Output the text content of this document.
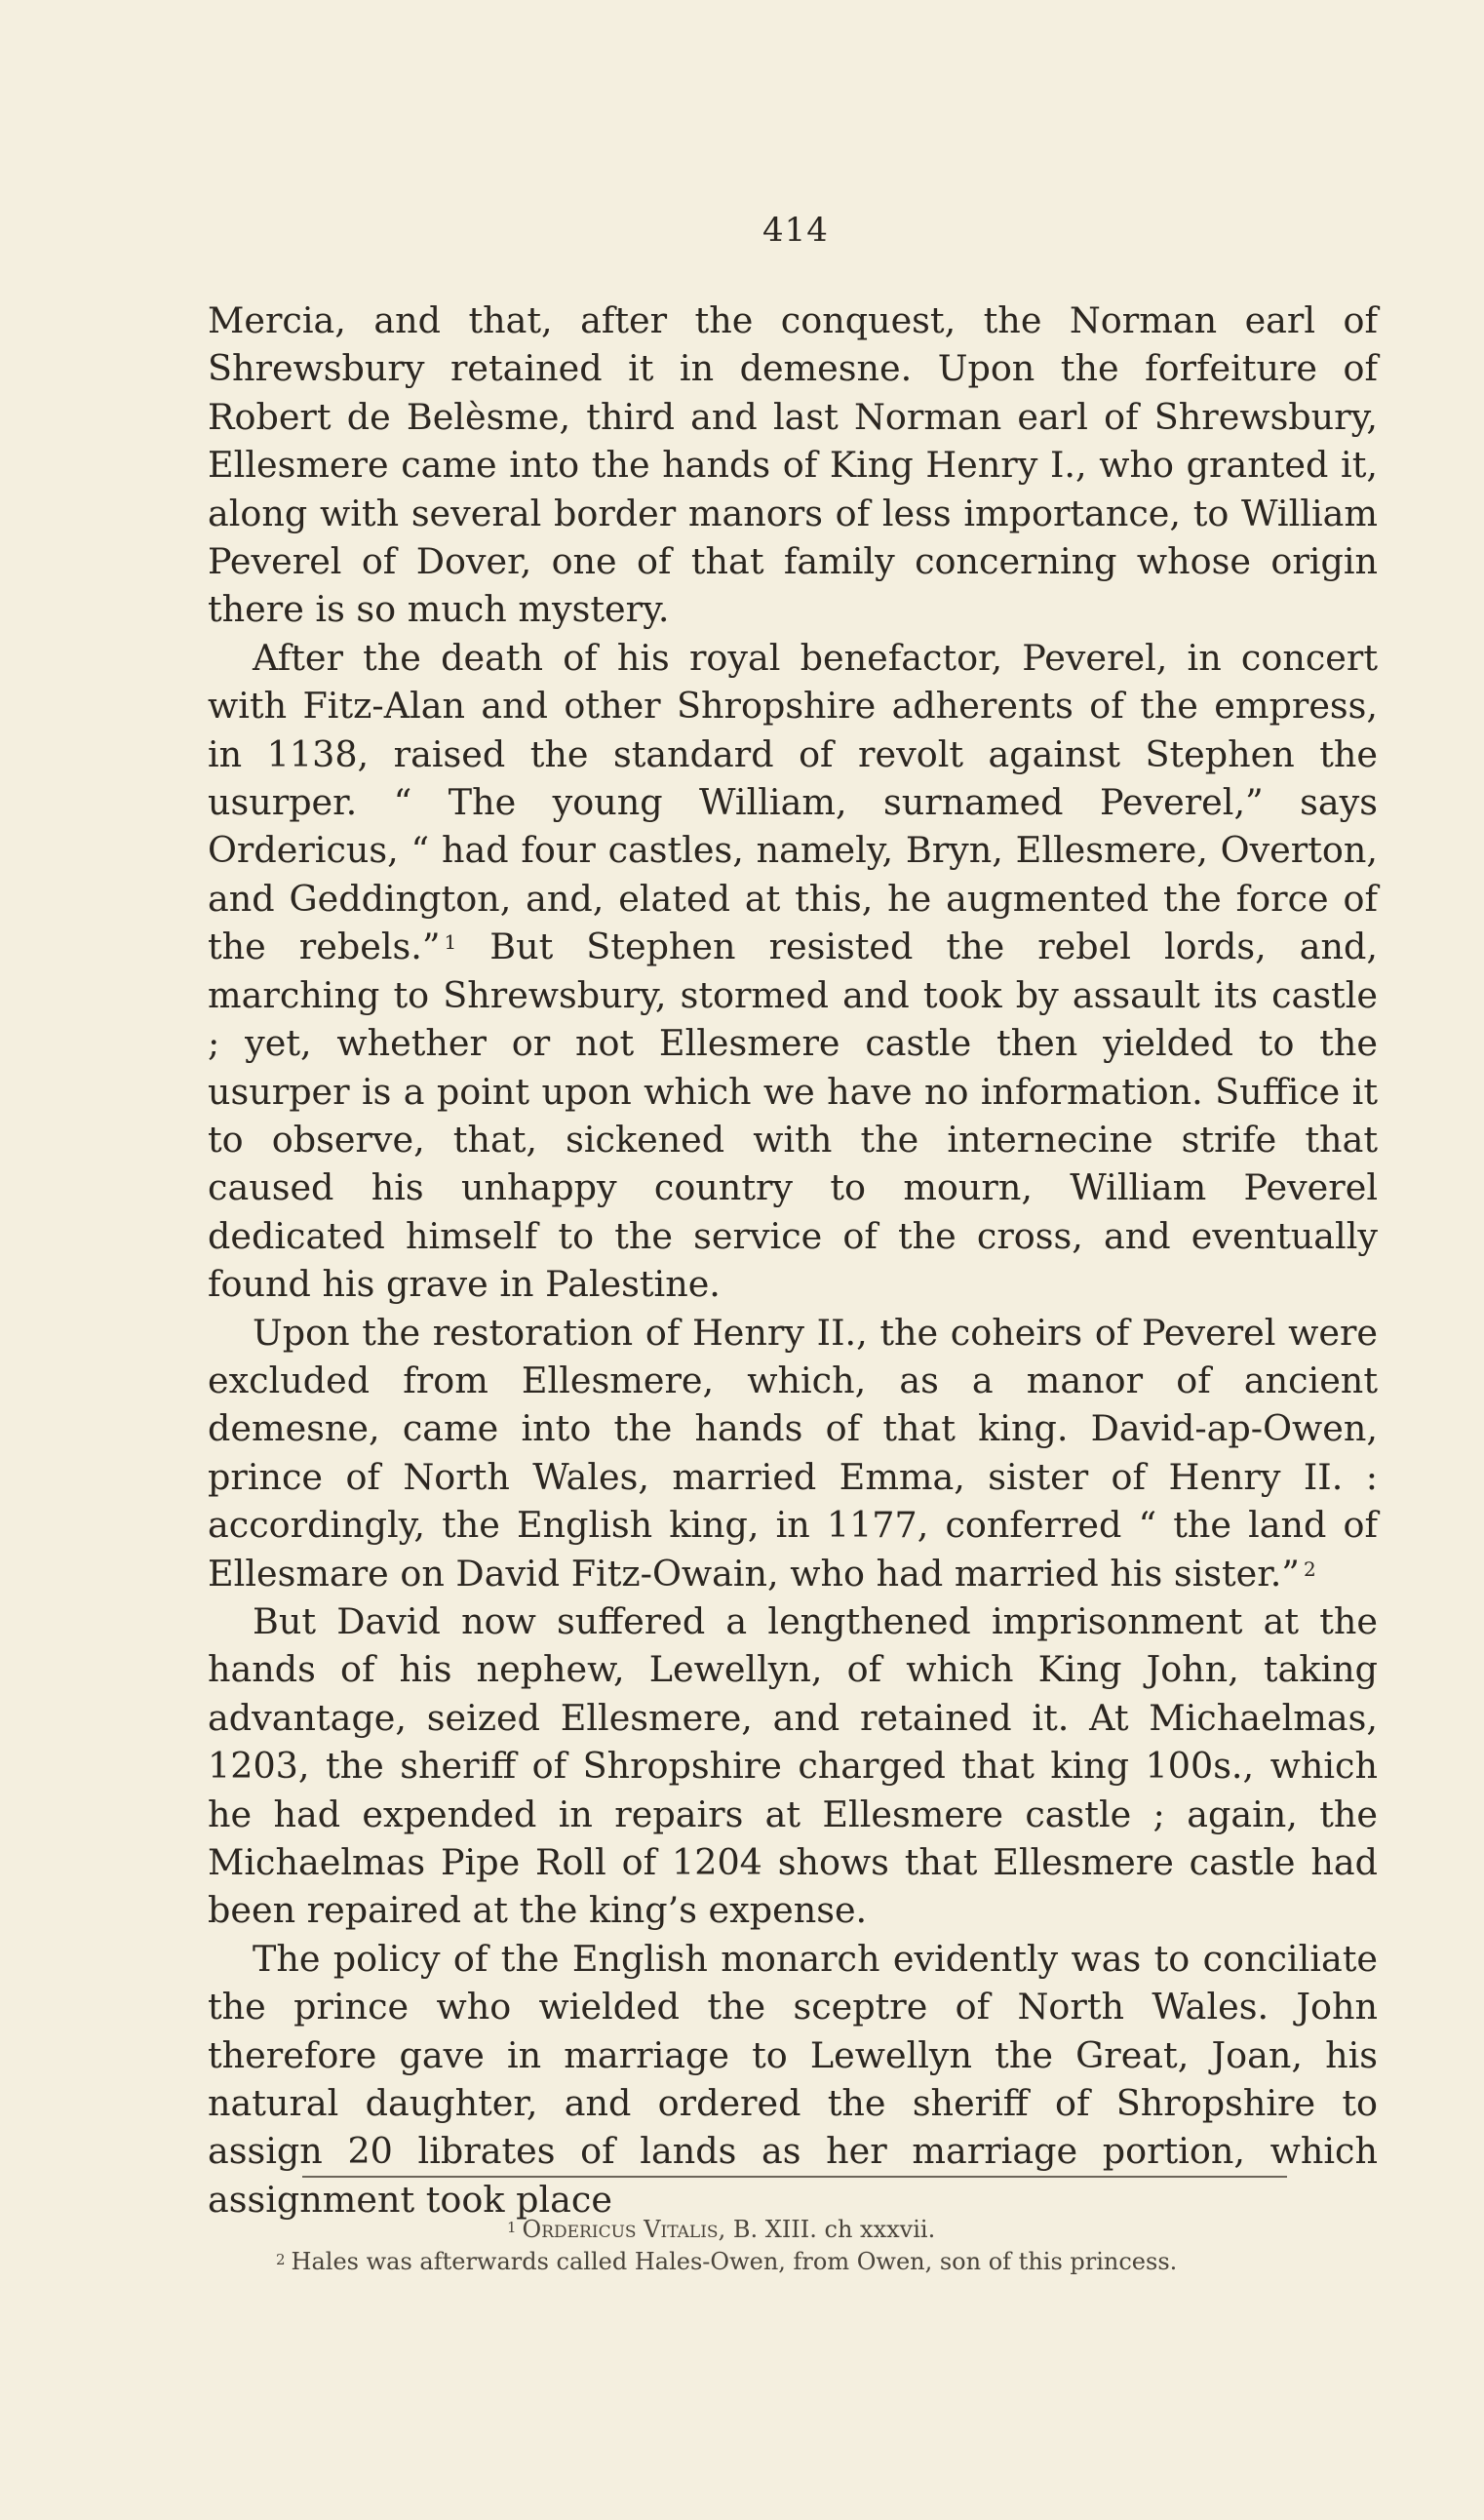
414

Mercia, and that, after the conquest, the Norman earl of Shrewsbury retained it in demesne. Upon the forfeiture of Robert de Belèsme, third and last Norman earl of Shrewsbury, Ellesmere came into the hands of King Henry I., who granted it, along with several border manors of less importance, to William Peverel of Dover, one of that family concerning whose origin there is so much mystery.

After the death of his royal benefactor, Peverel, in concert with Fitz-Alan and other Shropshire adherents of the empress, in 1138, raised the standard of revolt against Stephen the usurper. “ The young William, surnamed Peverel,” says Ordericus, “ had four castles, namely, Bryn, Ellesmere, Overton, and Geddington, and, elated at this, he augmented the force of the rebels.” $^1$ But Stephen resisted the rebel lords, and, marching to Shrewsbury, stormed and took by assault its castle ; yet, whether or not Ellesmere castle then yielded to the usurper is a point upon which we have no information. Suffice it to observe, that, sickened with the internecine strife that caused his unhappy country to mourn, William Peverel dedicated himself to the service of the cross, and eventually found his grave in Palestine.

Upon the restoration of Henry II., the coheirs of Peverel were excluded from Ellesmere, which, as a manor of ancient demesne, came into the hands of that king. David-ap-Owen, prince of North Wales, married Emma, sister of Henry II. : accordingly, the English king, in 1177, conferred “ the land of Ellesmare on David Fitz-Owain, who had married his sister.” $^2$

But David now suffered a lengthened imprisonment at the hands of his nephew, Lewellyn, of which King John, taking advantage, seized Ellesmere, and retained it. At Michaelmas, 1203, the sheriff of Shropshire charged that king 100s., which he had expended in repairs at Ellesmere castle ; again, the Michaelmas Pipe Roll of 1204 shows that Ellesmere castle had been repaired at the king’s expense.

The policy of the English monarch evidently was to conciliate the prince who wielded the sceptre of North Wales. John therefore gave in marriage to Lewellyn the Great, Joan, his natural daughter, and ordered the sheriff of Shropshire to assign 20 librates of lands as her marriage portion, which assignment took place

$^1$ Ordericus Vitalis, B. XIII. ch xxxvii.

$^2$ Hales was afterwards called Hales-Owen, from Owen, son of this princess.
